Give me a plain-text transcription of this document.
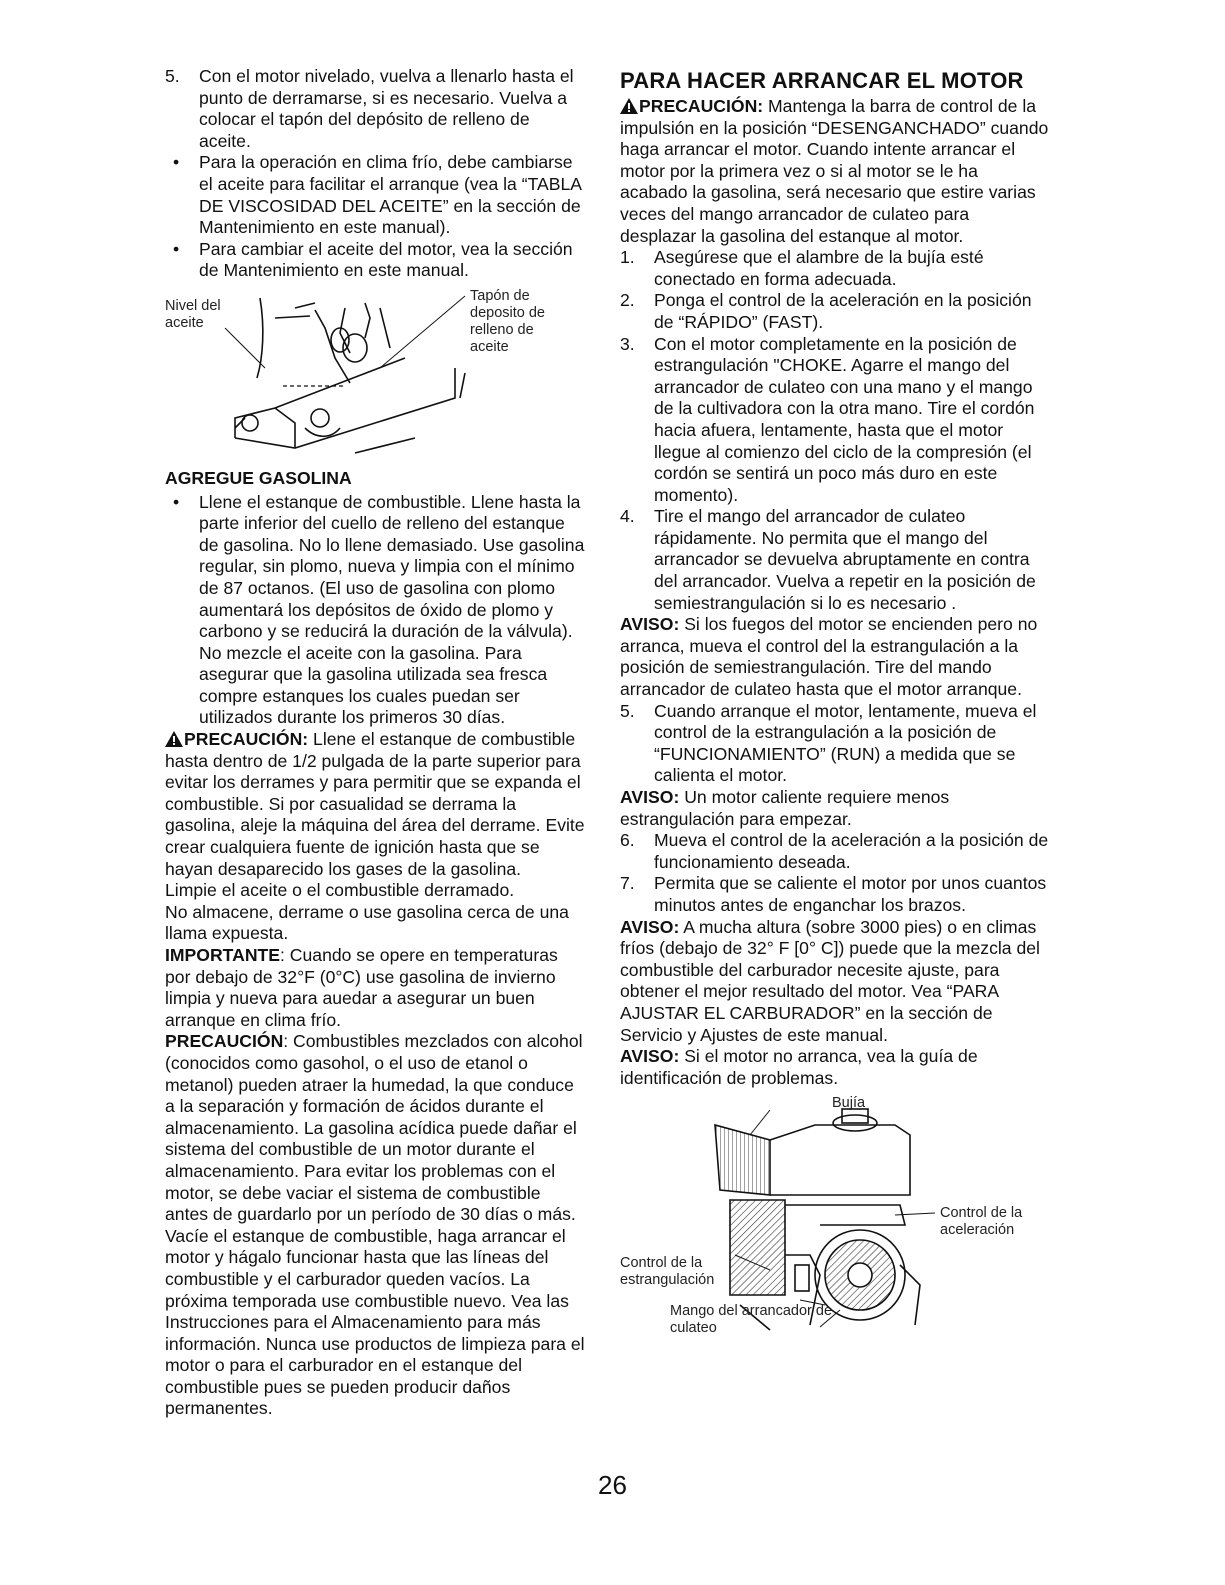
5. Con el motor nivelado, vuelva a llenarlo hasta el punto de derramarse, si es necesario. Vuelva a colocar el tapón del depósito de relleno de aceite.

• Para la operación en clima frío, debe cambiarse el aceite para facilitar el arranque (vea la “TABLA DE VISCOSIDAD DEL ACEITE” en la sección de Mantenimiento en este manual).

• Para cambiar el aceite del motor, vea la sección de Mantenimiento en este manual.

Nivel del aceite
Tapón de deposito de relleno de aceite
AGREGUE GASOLINA

• Llene el estanque de combustible. Llene hasta la parte inferior del cuello de relleno del estanque de gasolina. No lo llene demasiado. Use gasolina regular, sin plomo, nueva y limpia con el mínimo de 87 octanos. (El uso de gasolina con plomo aumentará los depósitos de óxido de plomo y carbono y se reducirá la duración de la válvula). No mezcle el aceite con la gasolina. Para asegurar que la gasolina utilizada sea fresca compre estanques los cuales puedan ser utilizados durante los primeros 30 días.

PRECAUCIÓN: Llene el estanque de combustible hasta dentro de 1/2 pulgada de la parte superior para evitar los derrames y para permitir que se expanda el combustible. Si por casualidad se derrama la gasolina, aleje la máquina del área del derrame. Evite crear cualquiera fuente de ignición hasta que se hayan desaparecido los gases de la gasolina.

Limpie el aceite o el combustible derramado.

No almacene, derrame o use gasolina cerca de una llama expuesta.

IMPORTANTE: Cuando se opere en temperaturas por debajo de 32°F (0°C) use gasolina de invierno limpia y nueva para auedar a asegurar un buen arranque en clima frío.

PRECAUCIÓN: Combustibles mezclados con alcohol (conocidos como gasohol, o el uso de etanol o metanol) pueden atraer la humedad, la que conduce a la separación y formación de ácidos durante el almacenamiento. La gasolina acídica puede dañar el sistema del combustible de un motor durante el almacenamiento. Para evitar los problemas con el motor, se debe vaciar el sistema de combustible antes de guardarlo por un período de 30 días o más. Vacíe el estanque de combustible, haga arrancar el motor y hágalo funcionar hasta que las líneas del combustible y el carburador queden vacíos. La próxima temporada use combustible nuevo. Vea las Instrucciones para el Almacenamiento para más información. Nunca use productos de limpieza para el motor o para el carburador en el estanque del combustible pues se pueden producir daños permanentes.

PARA HACER ARRANCAR EL MOTOR

PRECAUCIÓN: Mantenga la barra de control de la impulsión en la posición “DESENGANCHADO” cuando haga arrancar el motor. Cuando intente arrancar el motor por la primera vez o si al motor se le ha acabado la gasolina, será necesario que estire varias veces del mango arrancador de culateo para desplazar la gasolina del estanque al motor.

1. Asegúrese que el alambre de la bujía esté conectado en forma adecuada.

2. Ponga el control de la aceleración en la posición de “RÁPIDO” (FAST).

3. Con el motor completamente en la posición de estrangulación "CHOKE. Agarre el mango del arrancador de culateo con una mano y el mango de la cultivadora con la otra mano. Tire el cordón hacia afuera, lentamente, hasta que el motor llegue al comienzo del ciclo de la compresión (el cordón se sentirá un poco más duro en este momento).

4. Tire el mango del arrancador de culateo rápidamente. No permita que el mango del arrancador se devuelva abruptamente en contra del arrancador. Vuelva a repetir en la posición de semiestrangulación si lo es necesario .

AVISO: Si los fuegos del motor se encienden pero no arranca, mueva el control del la estrangulación a la posición de semiestrangulación. Tire del mando arrancador de culateo hasta que el motor arranque.

5. Cuando arranque el motor, lentamente, mueva el control de la estrangulación a la posición de “FUNCIONAMIENTO” (RUN) a medida que se calienta el motor.

AVISO: Un motor caliente requiere menos estrangulación para empezar.

6. Mueva el control de la aceleración a la posición de funcionamiento deseada.

7. Permita que se caliente el motor por unos cuantos minutos antes de enganchar los brazos.

AVISO: A mucha altura (sobre 3000 pies) o en climas fríos (debajo de 32° F [0° C]) puede que la mezcla del combustible del carburador necesite ajuste, para obtener el mejor resultado del motor. Vea “PARA AJUSTAR EL CARBURADOR” en la sección de Servicio y Ajustes de este manual.

AVISO: Si el motor no arranca, vea la guía de identificación de problemas.

Bujía
Control de la estrangulación
Control de la aceleración
Mango del arrancador de culateo
26
